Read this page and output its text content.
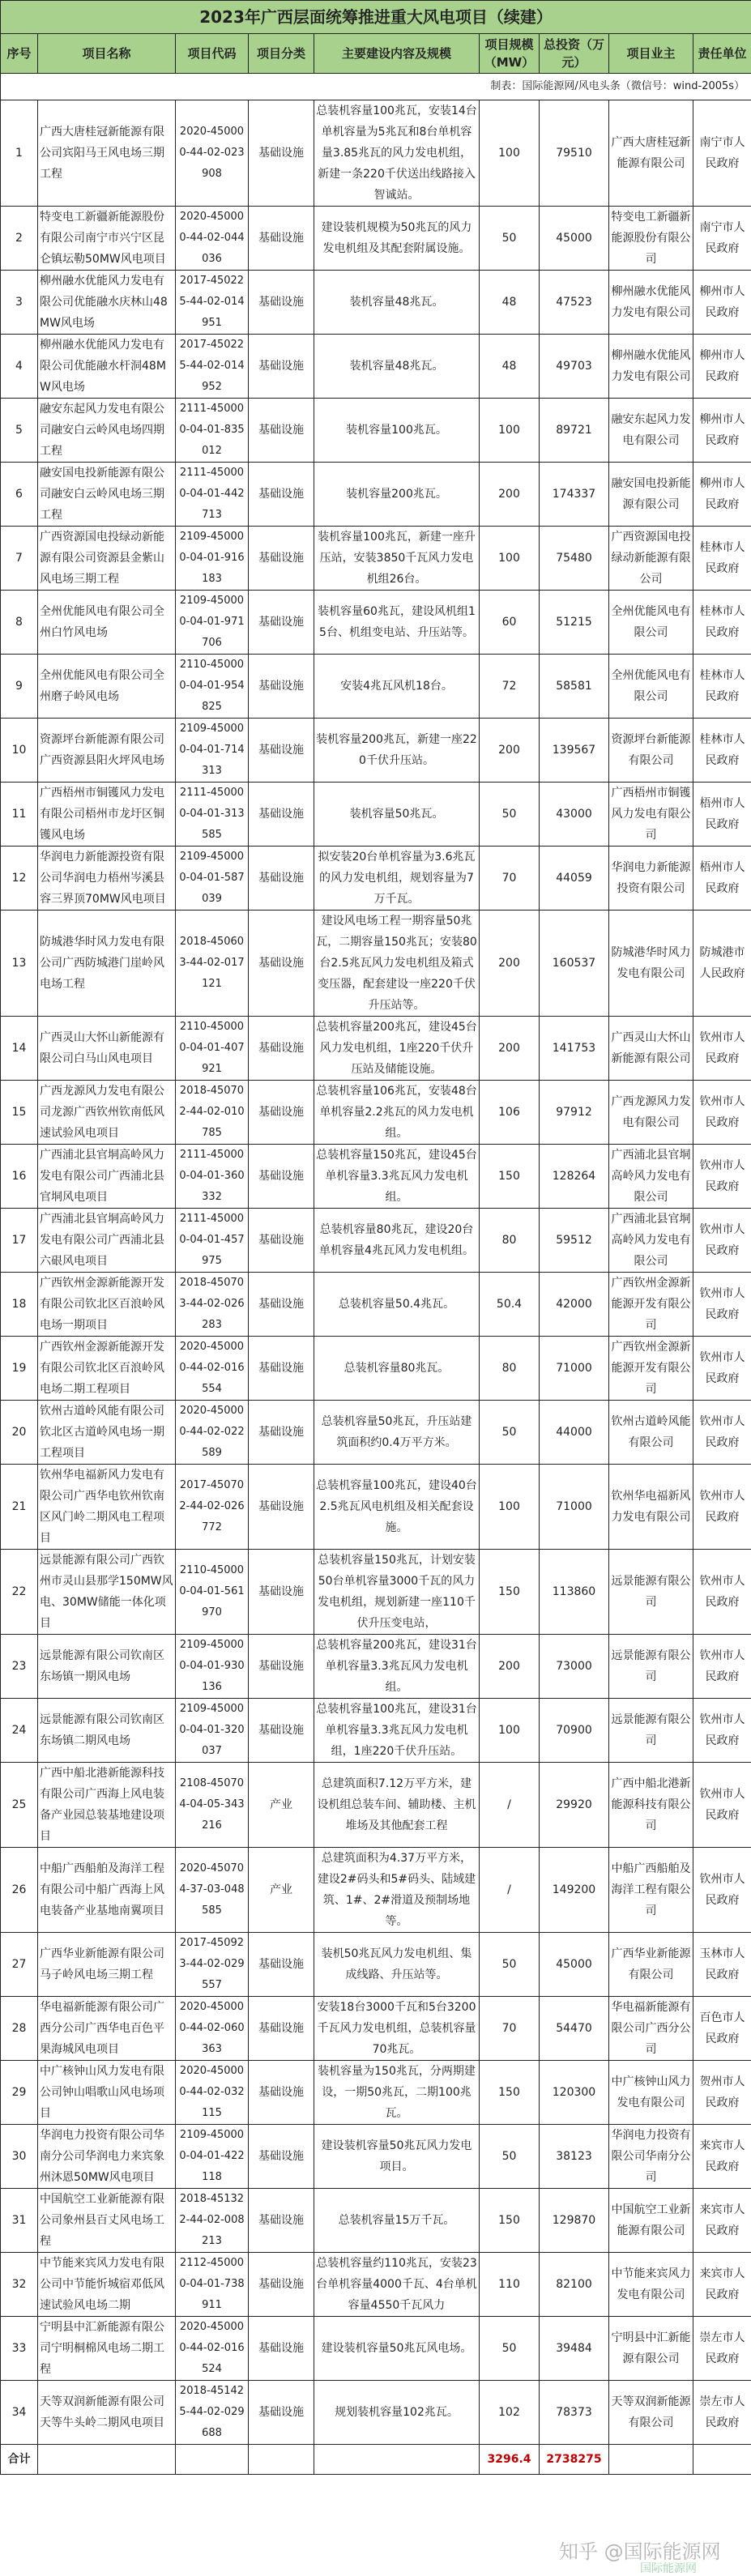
2023年广西层面统筹推进重大风电项目（续建）								
序号	项目名称	项目代码	项目分类	主要建设内容及规模	项目规模（MW）	总投资（万元）	项目业主	责任单位
制表：国际能源网/风电头条（微信号：wind-2005s）								
1	广西大唐桂冠新能源有限公司宾阳马王风电场三期工程	2020-450000-44-02-023908	基础设施	总装机容量100兆瓦，安装14台单机容量为5兆瓦和8台单机容量3.85兆瓦的风力发电机组，新建一条220千伏送出线路接入智诚站。	100	79510	广西大唐桂冠新能源有限公司	南宁市人民政府
2	特变电工新疆新能源股份有限公司南宁市兴宁区昆仑镇坛勒50MW风电项目	2020-450000-44-02-044036	基础设施	建设装机规模为50兆瓦的风力发电机组及其配套附属设施。	50	45000	特变电工新疆新能源股份有限公司	南宁市人民政府
3	柳州融水优能风力发电有限公司优能融水庆林山48MW风电场	2017-450225-44-02-014951	基础设施	装机容量48兆瓦。	48	47523	柳州融水优能风力发电有限公司	柳州市人民政府
4	柳州融水优能风力发电有限公司优能融水杆洞48MW风电场	2017-450225-44-02-014952	基础设施	装机容量48兆瓦。	48	49703	柳州融水优能风力发电有限公司	柳州市人民政府
5	融安东起风力发电有限公司融安白云岭风电场四期工程	2111-450000-04-01-835012	基础设施	装机容量100兆瓦。	100	89721	融安东起风力发电有限公司	柳州市人民政府
6	融安国电投新能源有限公司融安白云岭风电场三期工程	2111-450000-04-01-442713	基础设施	装机容量200兆瓦。	200	174337	融安国电投新能源有限公司	柳州市人民政府
7	广西资源国电投绿动新能源有限公司资源县金紫山风电场三期工程	2109-450000-04-01-916183	基础设施	装机容量100兆瓦，新建一座升压站，安装3850千瓦风力发电机组26台。	100	75480	广西资源国电投绿动新能源有限公司	桂林市人民政府
8	全州优能风电有限公司全州白竹风电场	2109-450000-04-01-971706	基础设施	装机容量60兆瓦，建设风机组15台、机组变电站、升压站等。	60	51215	全州优能风电有限公司	桂林市人民政府
9	全州优能风电有限公司全州磨子岭风电场	2110-450000-04-01-954825	基础设施	安装4兆瓦风机18台。	72	58581	全州优能风电有限公司	桂林市人民政府
10	资源坪台新能源有限公司广西资源县阳火坪风电场	2109-450000-04-01-714313	基础设施	装机容量200兆瓦，新建一座220千伏升压站。	200	139567	资源坪台新能源有限公司	桂林市人民政府
11	广西梧州市铜镬风力发电有限公司梧州市龙圩区铜镬风电场	2111-450000-04-01-313585	基础设施	装机容量50兆瓦。	50	43000	广西梧州市铜镬风力发电有限公司	梧州市人民政府
12	华润电力新能源投资有限公司华润电力梧州岑溪县容三界顶70MW风电项目	2109-450000-04-01-587039	基础设施	拟安装20台单机容量为3.6兆瓦的风力发电机组，规划容量为7万千瓦。	70	44059	华润电力新能源投资有限公司	梧州市人民政府
13	防城港华时风力发电有限公司广西防城港门崖岭风电场工程	2018-450603-44-02-017121	基础设施	建设风电场工程一期容量50兆瓦，二期容量150兆瓦；安装80台2.5兆瓦风力发电机组及箱式变压器，配套建设一座220千伏升压站等。	200	160537	防城港华时风力发电有限公司	防城港市人民政府
14	广西灵山大怀山新能源有限公司白马山风电项目	2110-450000-04-01-407921	基础设施	总装机容量200兆瓦，建设45台风力发电机组，1座220千伏升压站及储能设施。	200	141753	广西灵山大怀山新能源有限公司	钦州市人民政府
15	广西龙源风力发电有限公司龙源广西钦州钦南低风速试验风电项目	2018-450702-44-02-010785	基础设施	总装机容量106兆瓦，安装48台单机容量2.2兆瓦的风力发电机组。	106	97912	广西龙源风力发电有限公司	钦州市人民政府
16	广西浦北县官垌高岭风力发电有限公司广西浦北县官垌风电项目	2111-450000-04-01-360332	基础设施	总装机容量150兆瓦，建设45台单机容量3.3兆瓦风力发电机组。	150	128264	广西浦北县官垌高岭风力发电有限公司	钦州市人民政府
17	广西浦北县官垌高岭风力发电有限公司广西浦北县六硍风电项目	2111-450000-04-01-457975	基础设施	总装机容量80兆瓦，建设20台单机容量4兆瓦风力发电机组。	80	59512	广西浦北县官垌高岭风力发电有限公司	钦州市人民政府
18	广西钦州金源新能源开发有限公司钦北区百浪岭风电场一期项目	2018-450703-44-02-026283	基础设施	总装机容量50.4兆瓦。	50.4	42000	广西钦州金源新能源开发有限公司	钦州市人民政府
19	广西钦州金源新能源开发有限公司钦北区百浪岭风电场二期工程项目	2020-450000-44-02-016554	基础设施	总装机容量80兆瓦。	80	71000	广西钦州金源新能源开发有限公司	钦州市人民政府
20	钦州古道岭风能有限公司钦北区古道岭风电场一期工程项目	2020-450000-44-02-022589	基础设施	总装机容量50兆瓦，升压站建筑面积约0.4万平方米。	50	44000	钦州古道岭风能有限公司	钦州市人民政府
21	钦州华电福新风力发电有限公司广西华电钦州钦南区风门岭二期风电工程项目	2017-450702-44-02-026772	基础设施	总装机容量100兆瓦，建设40台2.5兆瓦风电机组及相关配套设施。	100	71000	钦州华电福新风力发电有限公司	钦州市人民政府
22	远景能源有限公司广西钦州市灵山县那学150MW风电、30MW储能一体化项目	2110-450000-04-01-561970	基础设施	总装机容量150兆瓦，计划安装50台单机容量3000千瓦的风力发电机组，规划新建一座110千伏升压变电站，	150	113860	远景能源有限公司	钦州市人民政府
23	远景能源有限公司钦南区东场镇一期风电场	2109-450000-04-01-930136	基础设施	总装机容量200兆瓦，建设31台单机容量3.3兆瓦风力发电机组。	200	73000	远景能源有限公司	钦州市人民政府
24	远景能源有限公司钦南区东场镇二期风电场	2109-450000-04-01-320037	基础设施	总装机容量100兆瓦，建设31台单机容量3.3兆瓦风力发电机组，1座220千伏升压站。	100	70900	远景能源有限公司	钦州市人民政府
25	广西中船北港新能源科技有限公司广西海上风电装备产业园总装基地建设项目	2108-450704-04-05-343216	产业	总建筑面积7.12万平方米，建设机组总装车间、辅助楼、主机堆场及其他配套工程	/	29920	广西中船北港新能源科技有限公司	钦州市人民政府
26	中船广西船舶及海洋工程有限公司中船广西海上风电装备产业基地南翼项目	2020-450704-37-03-048585	产业	总建筑面积为4.37万平方米，建设2#码头和5#码头、陆域建筑、1#、2#滑道及预制场地等。	/	149200	中船广西船舶及海洋工程有限公司	钦州市人民政府
27	广西华业新能源有限公司马子岭风电场三期工程	2017-450923-44-02-029557	基础设施	装机50兆瓦风力发电机组、集成线路、升压站等。	50	45000	广西华业新能源有限公司	玉林市人民政府
28	华电福新能源有限公司广西分公司广西华电百色平果海城风电项目	2020-450000-44-02-060363	基础设施	安装18台3000千瓦和5台3200千瓦风力发电机组，总装机容量70兆瓦。	70	54470	华电福新能源有限公司广西分公司	百色市人民政府
29	中广核钟山风力发电有限公司钟山唱歌山风电场项目	2020-450000-44-02-032115	基础设施	装机容量为150兆瓦，分两期建设，一期50兆瓦，二期100兆瓦。	150	120300	中广核钟山风力发电有限公司	贺州市人民政府
30	华润电力投资有限公司华南分公司华润电力来宾象州沐恩50MW风电项目	2109-450000-04-01-422118	基础设施	建设装机容量50兆瓦风力发电项目。	50	38123	华润电力投资有限公司华南分公司	来宾市人民政府
31	中国航空工业新能源有限公司象州县百丈风电场工程	2018-451322-44-02-008213	基础设施	总装机容量15万千瓦。	150	129870	中国航空工业新能源有限公司	来宾市人民政府
32	中节能来宾风力发电有限公司中节能忻城宿邓低风速试验风电场二期	2112-450000-04-01-738911	基础设施	总装机容量约110兆瓦，安装23台单机容量4000千瓦、4台单机容量4550千瓦风力	110	82100	中节能来宾风力发电有限公司	来宾市人民政府
33	宁明县中汇新能源有限公司宁明桐棉风电场二期工程	2020-450000-44-02-016524	基础设施	建设装机容量50兆瓦风电场。	50	39484	宁明县中汇新能源有限公司	崇左市人民政府
34	天等双润新能源有限公司天等牛头岭二期风电项目	2018-451425-44-02-029688	基础设施	规划装机容量102兆瓦。	102	78373	天等双润新能源有限公司	崇左市人民政府
合计					3296.4	2738275		
知乎 @国际能源网
国际能源网
